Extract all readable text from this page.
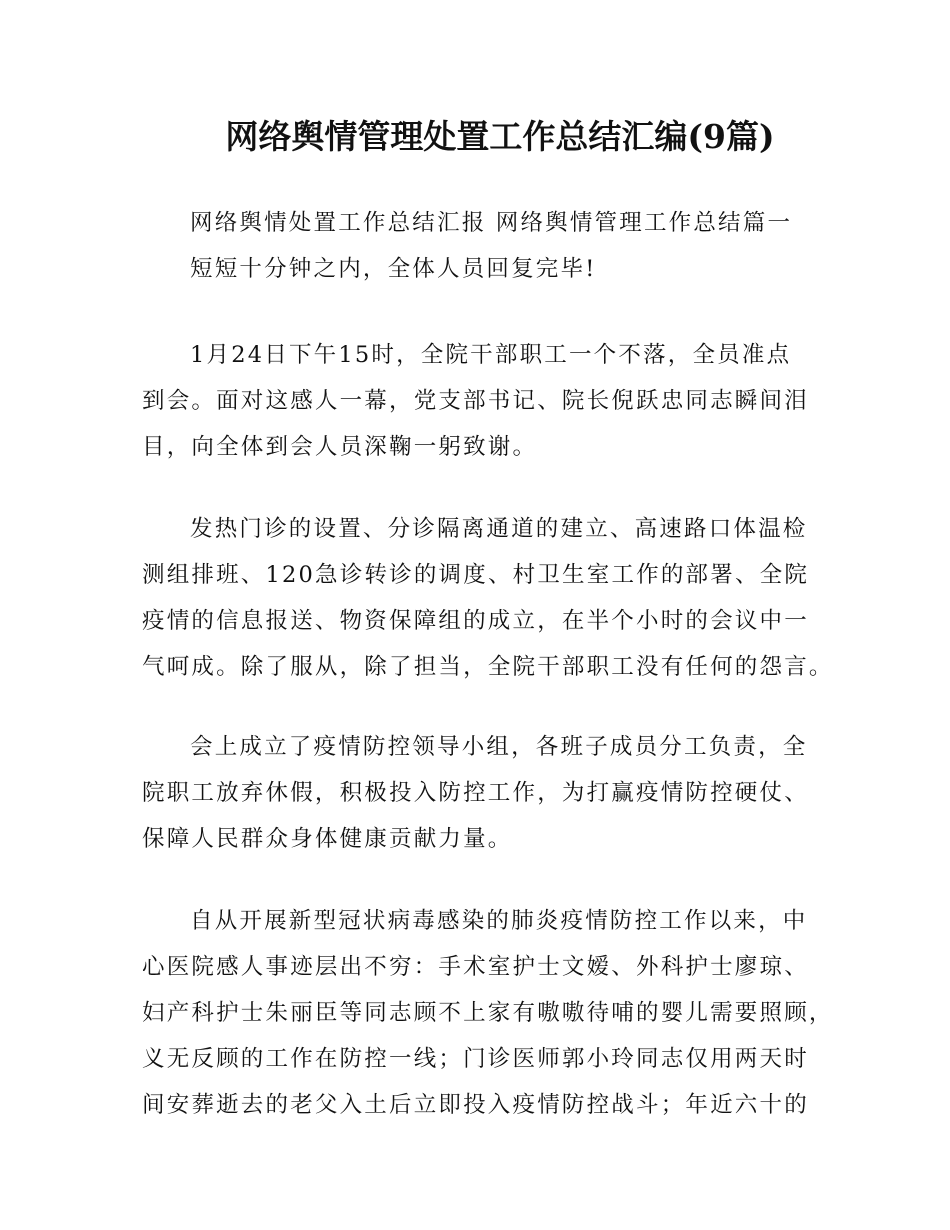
网络舆情管理处置工作总结汇编(9篇)
网络舆情处置工作总结汇报 网络舆情管理工作总结篇一
短短十分钟之内，全体人员回复完毕!
1月24日下午15时，全院干部职工一个不落，全员准点
到会。面对这感人一幕，党支部书记、院长倪跃忠同志瞬间泪
目，向全体到会人员深鞠一躬致谢。
发热门诊的设置、分诊隔离通道的建立、高速路口体温检
测组排班、120急诊转诊的调度、村卫生室工作的部署、全院
疫情的信息报送、物资保障组的成立，在半个小时的会议中一
气呵成。除了服从，除了担当，全院干部职工没有任何的怨言。
会上成立了疫情防控领导小组，各班子成员分工负责，全
院职工放弃休假，积极投入防控工作，为打赢疫情防控硬仗、
保障人民群众身体健康贡献力量。
自从开展新型冠状病毒感染的肺炎疫情防控工作以来，中
心医院感人事迹层出不穷：手术室护士文嫒、外科护士廖琼、
妇产科护士朱丽臣等同志顾不上家有嗷嗷待哺的婴儿需要照顾，
义无反顾的工作在防控一线；门诊医师郭小玲同志仅用两天时
间安葬逝去的老父入土后立即投入疫情防控战斗；年近六十的
